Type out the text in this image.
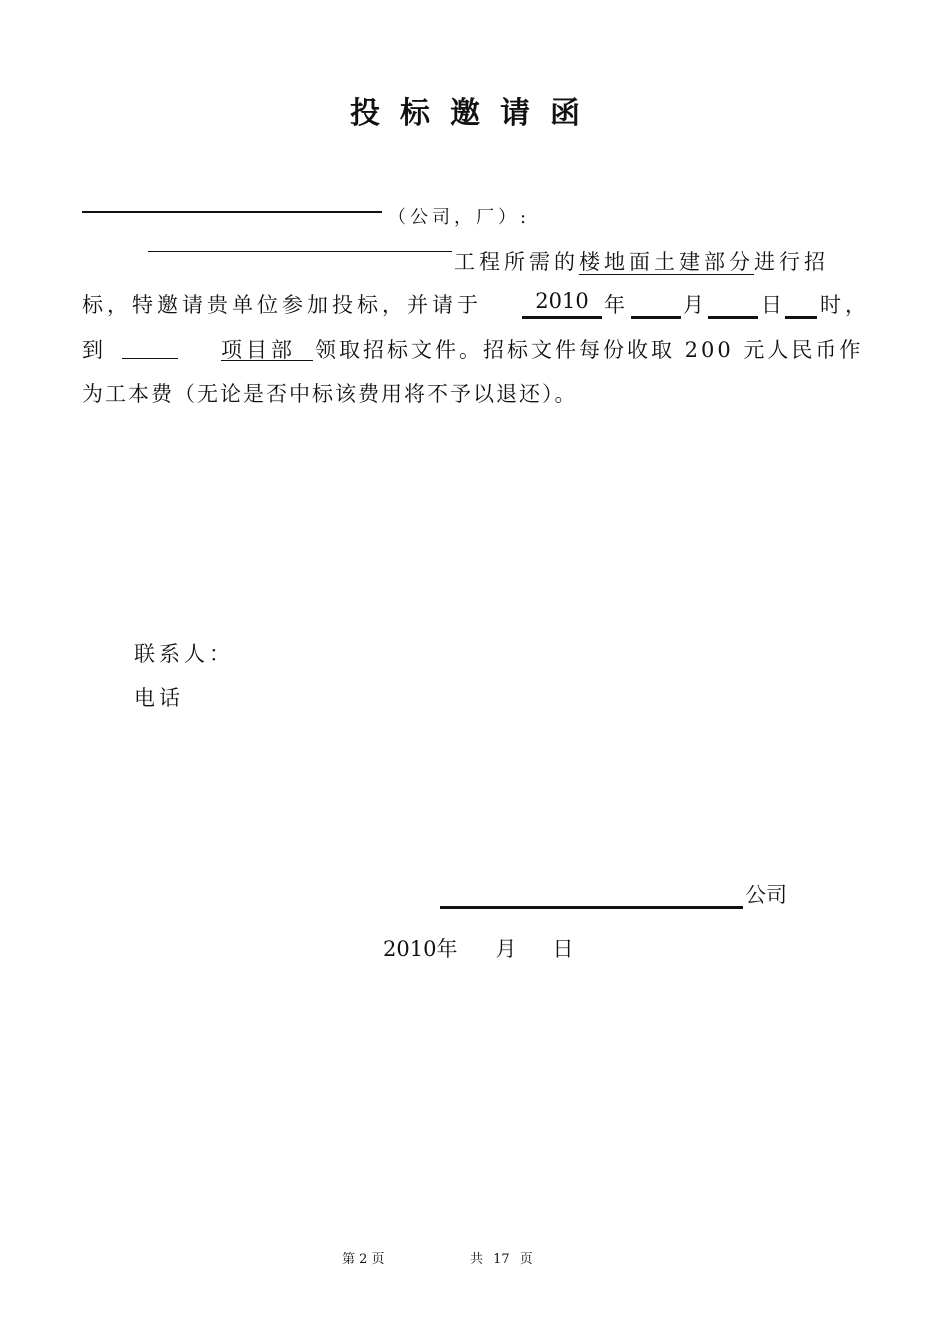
投标邀请函
（公司，厂）:
工程所需的楼地面土建部分进行招
标，特邀请贵单位参加投标，并请于	2010 年	月	日 时，
到	项目部 领取招标文件。招标文件每份收取 200 元人民币作
为工本费（无论是否中标该费用将不予以退还）。
联系人：
电话
公司
2010年 月 日
第 2 页	共 17 页
